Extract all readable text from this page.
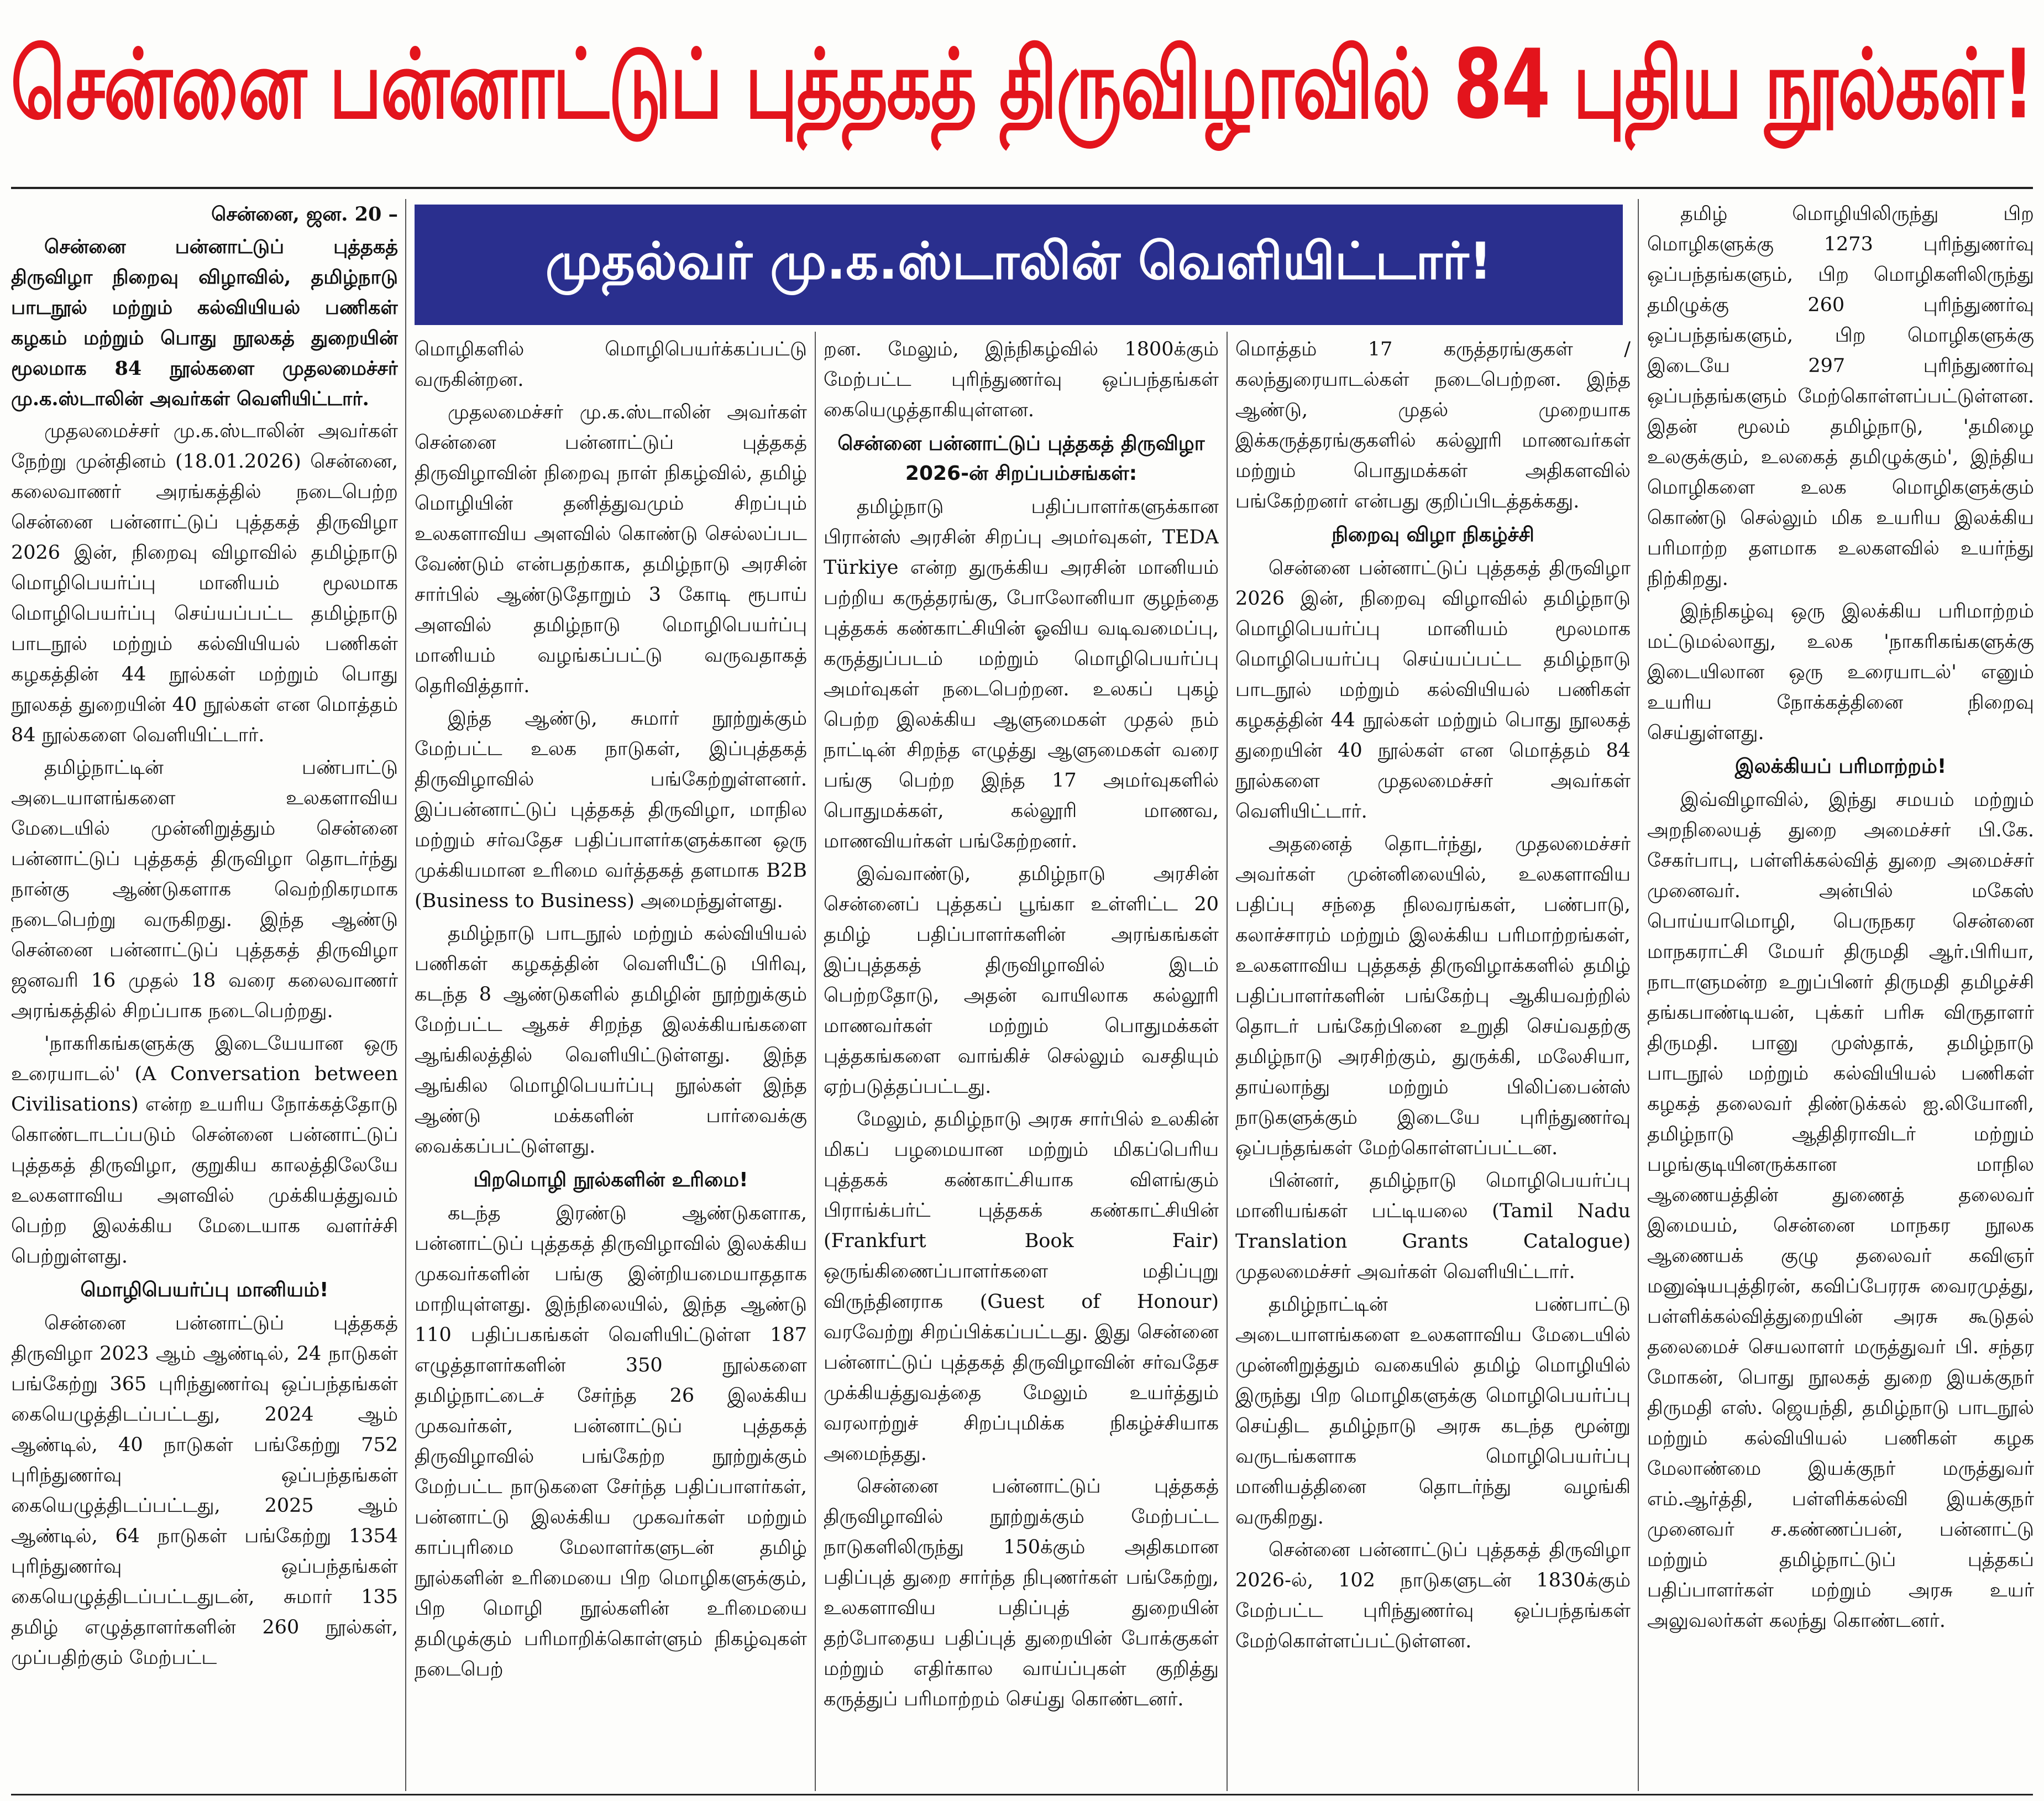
சென்னை பன்னாட்டுப் புத்தகத் திருவிழாவில் 84 புதிய நூல்கள்!
முதல்வர் மு.க.ஸ்டாலின் வெளியிட்டார்!

சென்னை, ஜன. 20 –

சென்னை பன்னாட்டுப் புத்தகத் திருவிழா நிறைவு விழாவில், தமிழ்நாடு பாடநூல் மற்றும் கல்வியியல் பணிகள் கழகம் மற்றும் பொது நூலகத் துறையின் மூலமாக 84 நூல்களை முதலமைச்சர் மு.க.ஸ்டாலின் அவர்கள் வெளியிட்டார்.

முதலமைச்சர் மு.க.ஸ்டாலின் அவர்கள் நேற்று முன்தினம் (18.01.2026) சென்னை, கலைவாணர் அரங்கத்தில் நடைபெற்ற சென்னை பன்னாட்டுப் புத்தகத் திருவிழா 2026 இன், நிறைவு விழாவில் தமிழ்நாடு மொழிபெயர்ப்பு மானியம் மூலமாக மொழிபெயர்ப்பு செய்யப்பட்ட தமிழ்நாடு பாடநூல் மற்றும் கல்வியியல் பணிகள் கழகத்தின் 44 நூல்கள் மற்றும் பொது நூலகத் துறையின் 40 நூல்கள் என மொத்தம் 84 நூல்களை வெளியிட்டார்.

தமிழ்நாட்டின் பண்பாட்டு அடையாளங்களை உலகளாவிய மேடையில் முன்னிறுத்தும் சென்னை பன்னாட்டுப் புத்தகத் திருவிழா தொடர்ந்து நான்கு ஆண்டுகளாக வெற்றிகரமாக நடைபெற்று வருகிறது. இந்த ஆண்டு சென்னை பன்னாட்டுப் புத்தகத் திருவிழா ஜனவரி 16 முதல் 18 வரை கலைவாணர் அரங்கத்தில் சிறப்பாக நடைபெற்றது.

'நாகரிகங்களுக்கு இடையேயான ஒரு உரையாடல்' (A Conversation between Civilisations) என்ற உயரிய நோக்கத்தோடு கொண்டாடப்படும் சென்னை பன்னாட்டுப் புத்தகத் திருவிழா, குறுகிய காலத்திலேயே உலகளாவிய அளவில் முக்கியத்துவம் பெற்ற இலக்கிய மேடையாக வளர்ச்சி பெற்றுள்ளது.

மொழிபெயர்ப்பு மானியம்!

சென்னை பன்னாட்டுப் புத்தகத் திருவிழா 2023 ஆம் ஆண்டில், 24 நாடுகள் பங்கேற்று 365 புரிந்துணர்வு ஒப்பந்தங்கள் கையெழுத்திடப்பட்டது, 2024 ஆம் ஆண்டில், 40 நாடுகள் பங்கேற்று 752 புரிந்துணர்வு ஒப்பந்தங்கள் கையெழுத்திடப்பட்டது, 2025 ஆம் ஆண்டில், 64 நாடுகள் பங்கேற்று 1354 புரிந்துணர்வு ஒப்பந்தங்கள் கையெழுத்திடப்பட்டதுடன், சுமார் 135 தமிழ் எழுத்தாளர்களின் 260 நூல்கள், முப்பதிற்கும் மேற்பட்ட

மொழிகளில் மொழிபெயர்க்கப்பட்டு வருகின்றன.

முதலமைச்சர் மு.க.ஸ்டாலின் அவர்கள் சென்னை பன்னாட்டுப் புத்தகத் திருவிழாவின் நிறைவு நாள் நிகழ்வில், தமிழ் மொழியின் தனித்துவமும் சிறப்பும் உலகளாவிய அளவில் கொண்டு செல்லப்பட வேண்டும் என்பதற்காக, தமிழ்நாடு அரசின் சார்பில் ஆண்டுதோறும் 3 கோடி ரூபாய் அளவில் தமிழ்நாடு மொழிபெயர்ப்பு மானியம் வழங்கப்பட்டு வருவதாகத் தெரிவித்தார்.

இந்த ஆண்டு, சுமார் நூற்றுக்கும் மேற்பட்ட உலக நாடுகள், இப்புத்தகத் திருவிழாவில் பங்கேற்றுள்ளனர். இப்பன்னாட்டுப் புத்தகத் திருவிழா, மாநில மற்றும் சர்வதேச பதிப்பாளர்களுக்கான ஒரு முக்கியமான உரிமை வர்த்தகத் தளமாக B2B (Business to Business) அமைந்துள்ளது.

தமிழ்நாடு பாடநூல் மற்றும் கல்வியியல் பணிகள் கழகத்தின் வெளியீட்டு பிரிவு, கடந்த 8 ஆண்டுகளில் தமிழின் நூற்றுக்கும் மேற்பட்ட ஆகச் சிறந்த இலக்கியங்களை ஆங்கிலத்தில் வெளியிட்டுள்ளது. இந்த ஆங்கில மொழிபெயர்ப்பு நூல்கள் இந்த ஆண்டு மக்களின் பார்வைக்கு வைக்கப்பட்டுள்ளது.

பிறமொழி நூல்களின் உரிமை!

கடந்த இரண்டு ஆண்டுகளாக, பன்னாட்டுப் புத்தகத் திருவிழாவில் இலக்கிய முகவர்களின் பங்கு இன்றியமையாததாக மாறியுள்ளது. இந்நிலையில், இந்த ஆண்டு 110 பதிப்பகங்கள் வெளியிட்டுள்ள 187 எழுத்தாளர்களின் 350 நூல்களை தமிழ்நாட்டைச் சேர்ந்த 26 இலக்கிய முகவர்கள், பன்னாட்டுப் புத்தகத் திருவிழாவில் பங்கேற்ற நூற்றுக்கும் மேற்பட்ட நாடுகளை சேர்ந்த பதிப்பாளர்கள், பன்னாட்டு இலக்கிய முகவர்கள் மற்றும் காப்புரிமை மேலாளர்களுடன் தமிழ் நூல்களின் உரிமையை பிற மொழிகளுக்கும், பிற மொழி நூல்களின் உரிமையை தமிழுக்கும் பரிமாறிக்கொள்ளும் நிகழ்வுகள் நடைபெற்

றன. மேலும், இந்நிகழ்வில் 1800க்கும் மேற்பட்ட புரிந்துணர்வு ஒப்பந்தங்கள் கையெழுத்தாகியுள்ளன.

சென்னை பன்னாட்டுப் புத்தகத் திருவிழா 2026-ன் சிறப்பம்சங்கள்:

தமிழ்நாடு பதிப்பாளர்களுக்கான பிரான்ஸ் அரசின் சிறப்பு அமர்வுகள், TEDA Türkiye என்ற துருக்கிய அரசின் மானியம் பற்றிய கருத்தரங்கு, போலோனியா குழந்தை புத்தகக் கண்காட்சியின் ஓவிய வடிவமைப்பு, கருத்துப்படம் மற்றும் மொழிபெயர்ப்பு அமர்வுகள் நடைபெற்றன. உலகப் புகழ் பெற்ற இலக்கிய ஆளுமைகள் முதல் நம் நாட்டின் சிறந்த எழுத்து ஆளுமைகள் வரை பங்கு பெற்ற இந்த 17 அமர்வுகளில் பொதுமக்கள், கல்லூரி மாணவ, மாணவியர்கள் பங்கேற்றனர்.

இவ்வாண்டு, தமிழ்நாடு அரசின் சென்னைப் புத்தகப் பூங்கா உள்ளிட்ட 20 தமிழ் பதிப்பாளர்களின் அரங்கங்கள் இப்புத்தகத் திருவிழாவில் இடம் பெற்றதோடு, அதன் வாயிலாக கல்லூரி மாணவர்கள் மற்றும் பொதுமக்கள் புத்தகங்களை வாங்கிச் செல்லும் வசதியும் ஏற்படுத்தப்பட்டது.

மேலும், தமிழ்நாடு அரசு சார்பில் உலகின் மிகப் பழமையான மற்றும் மிகப்பெரிய புத்தகக் கண்காட்சியாக விளங்கும் பிராங்க்பர்ட் புத்தகக் கண்காட்சியின் (Frankfurt Book Fair) ஒருங்கிணைப்பாளர்களை மதிப்புறு விருந்தினராக (Guest of Honour) வரவேற்று சிறப்பிக்கப்பட்டது. இது சென்னை பன்னாட்டுப் புத்தகத் திருவிழாவின் சர்வதேச முக்கியத்துவத்தை மேலும் உயர்த்தும் வரலாற்றுச் சிறப்புமிக்க நிகழ்ச்சியாக அமைந்தது.

சென்னை பன்னாட்டுப் புத்தகத் திருவிழாவில் நூற்றுக்கும் மேற்பட்ட நாடுகளிலிருந்து 150க்கும் அதிகமான பதிப்புத் துறை சார்ந்த நிபுணர்கள் பங்கேற்று, உலகளாவிய பதிப்புத் துறையின் தற்போதைய பதிப்புத் துறையின் போக்குகள் மற்றும் எதிர்கால வாய்ப்புகள் குறித்து கருத்துப் பரிமாற்றம் செய்து கொண்டனர்.

மொத்தம் 17 கருத்தரங்குகள் / கலந்துரையாடல்கள் நடைபெற்றன. இந்த ஆண்டு, முதல் முறையாக இக்கருத்தரங்குகளில் கல்லூரி மாணவர்கள் மற்றும் பொதுமக்கள் அதிகளவில் பங்கேற்றனர் என்பது குறிப்பிடத்தக்கது.

நிறைவு விழா நிகழ்ச்சி

சென்னை பன்னாட்டுப் புத்தகத் திருவிழா 2026 இன், நிறைவு விழாவில் தமிழ்நாடு மொழிபெயர்ப்பு மானியம் மூலமாக மொழிபெயர்ப்பு செய்யப்பட்ட தமிழ்நாடு பாடநூல் மற்றும் கல்வியியல் பணிகள் கழகத்தின் 44 நூல்கள் மற்றும் பொது நூலகத் துறையின் 40 நூல்கள் என மொத்தம் 84 நூல்களை முதலமைச்சர் அவர்கள் வெளியிட்டார்.

அதனைத் தொடர்ந்து, முதலமைச்சர் அவர்கள் முன்னிலையில், உலகளாவிய பதிப்பு சந்தை நிலவரங்கள், பண்பாடு, கலாச்சாரம் மற்றும் இலக்கிய பரிமாற்றங்கள், உலகளாவிய புத்தகத் திருவிழாக்களில் தமிழ் பதிப்பாளர்களின் பங்கேற்பு ஆகியவற்றில் தொடர் பங்கேற்பினை உறுதி செய்வதற்கு தமிழ்நாடு அரசிற்கும், துருக்கி, மலேசியா, தாய்லாந்து மற்றும் பிலிப்பைன்ஸ் நாடுகளுக்கும் இடையே புரிந்துணர்வு ஒப்பந்தங்கள் மேற்கொள்ளப்பட்டன.

பின்னர், தமிழ்நாடு மொழிபெயர்ப்பு மானியங்கள் பட்டியலை (Tamil Nadu Translation Grants Catalogue) முதலமைச்சர் அவர்கள் வெளியிட்டார்.

தமிழ்நாட்டின் பண்பாட்டு அடையாளங்களை உலகளாவிய மேடையில் முன்னிறுத்தும் வகையில் தமிழ் மொழியில் இருந்து பிற மொழிகளுக்கு மொழிபெயர்ப்பு செய்திட தமிழ்நாடு அரசு கடந்த மூன்று வருடங்களாக மொழிபெயர்ப்பு மானியத்தினை தொடர்ந்து வழங்கி வருகிறது.

சென்னை பன்னாட்டுப் புத்தகத் திருவிழா 2026-ல், 102 நாடுகளுடன் 1830க்கும் மேற்பட்ட புரிந்துணர்வு ஒப்பந்தங்கள் மேற்கொள்ளப்பட்டுள்ளன.

தமிழ் மொழியிலிருந்து பிற மொழிகளுக்கு 1273 புரிந்துணர்வு ஒப்பந்தங்களும், பிற மொழிகளிலிருந்து தமிழுக்கு 260 புரிந்துணர்வு ஒப்பந்தங்களும், பிற மொழிகளுக்கு இடையே 297 புரிந்துணர்வு ஒப்பந்தங்களும் மேற்கொள்ளப்பட்டுள்ளன. இதன் மூலம் தமிழ்நாடு, 'தமிழை உலகுக்கும், உலகைத் தமிழுக்கும்', இந்திய மொழிகளை உலக மொழிகளுக்கும் கொண்டு செல்லும் மிக உயரிய இலக்கிய பரிமாற்ற தளமாக உலகளவில் உயர்ந்து நிற்கிறது.

இந்நிகழ்வு ஒரு இலக்கிய பரிமாற்றம் மட்டுமல்லாது, உலக 'நாகரிகங்களுக்கு இடையிலான ஒரு உரையாடல்' எனும் உயரிய நோக்கத்தினை நிறைவு செய்துள்ளது.

இலக்கியப் பரிமாற்றம்!

இவ்விழாவில், இந்து சமயம் மற்றும் அறநிலையத் துறை அமைச்சர் பி.கே. சேகர்பாபு, பள்ளிக்கல்வித் துறை அமைச்சர் முனைவர். அன்பில் மகேஸ் பொய்யாமொழி, பெருநகர சென்னை மாநகராட்சி மேயர் திருமதி ஆர்.பிரியா, நாடாளுமன்ற உறுப்பினர் திருமதி தமிழச்சி தங்கபாண்டியன், புக்கர் பரிசு விருதாளர் திருமதி. பானு முஸ்தாக், தமிழ்நாடு பாடநூல் மற்றும் கல்வியியல் பணிகள் கழகத் தலைவர் திண்டுக்கல் ஐ.லியோனி, தமிழ்நாடு ஆதிதிராவிடர் மற்றும் பழங்குடியினருக்கான மாநில ஆணையத்தின் துணைத் தலைவர் இமையம், சென்னை மாநகர நூலக ஆணையக் குழு தலைவர் கவிஞர் மனுஷ்யபுத்திரன், கவிப்பேரரசு வைரமுத்து, பள்ளிக்கல்வித்துறையின் அரசு கூடுதல் தலைமைச் செயலாளர் மருத்துவர் பி. சந்தர மோகன், பொது நூலகத் துறை இயக்குநர் திருமதி எஸ். ஜெயந்தி, தமிழ்நாடு பாடநூல் மற்றும் கல்வியியல் பணிகள் கழக மேலாண்மை இயக்குநர் மருத்துவர் எம்.ஆர்த்தி, பள்ளிக்கல்வி இயக்குநர் முனைவர் ச.கண்ணப்பன், பன்னாட்டு மற்றும் தமிழ்நாட்டுப் புத்தகப் பதிப்பாளர்கள் மற்றும் அரசு உயர் அலுவலர்கள் கலந்து கொண்டனர்.
